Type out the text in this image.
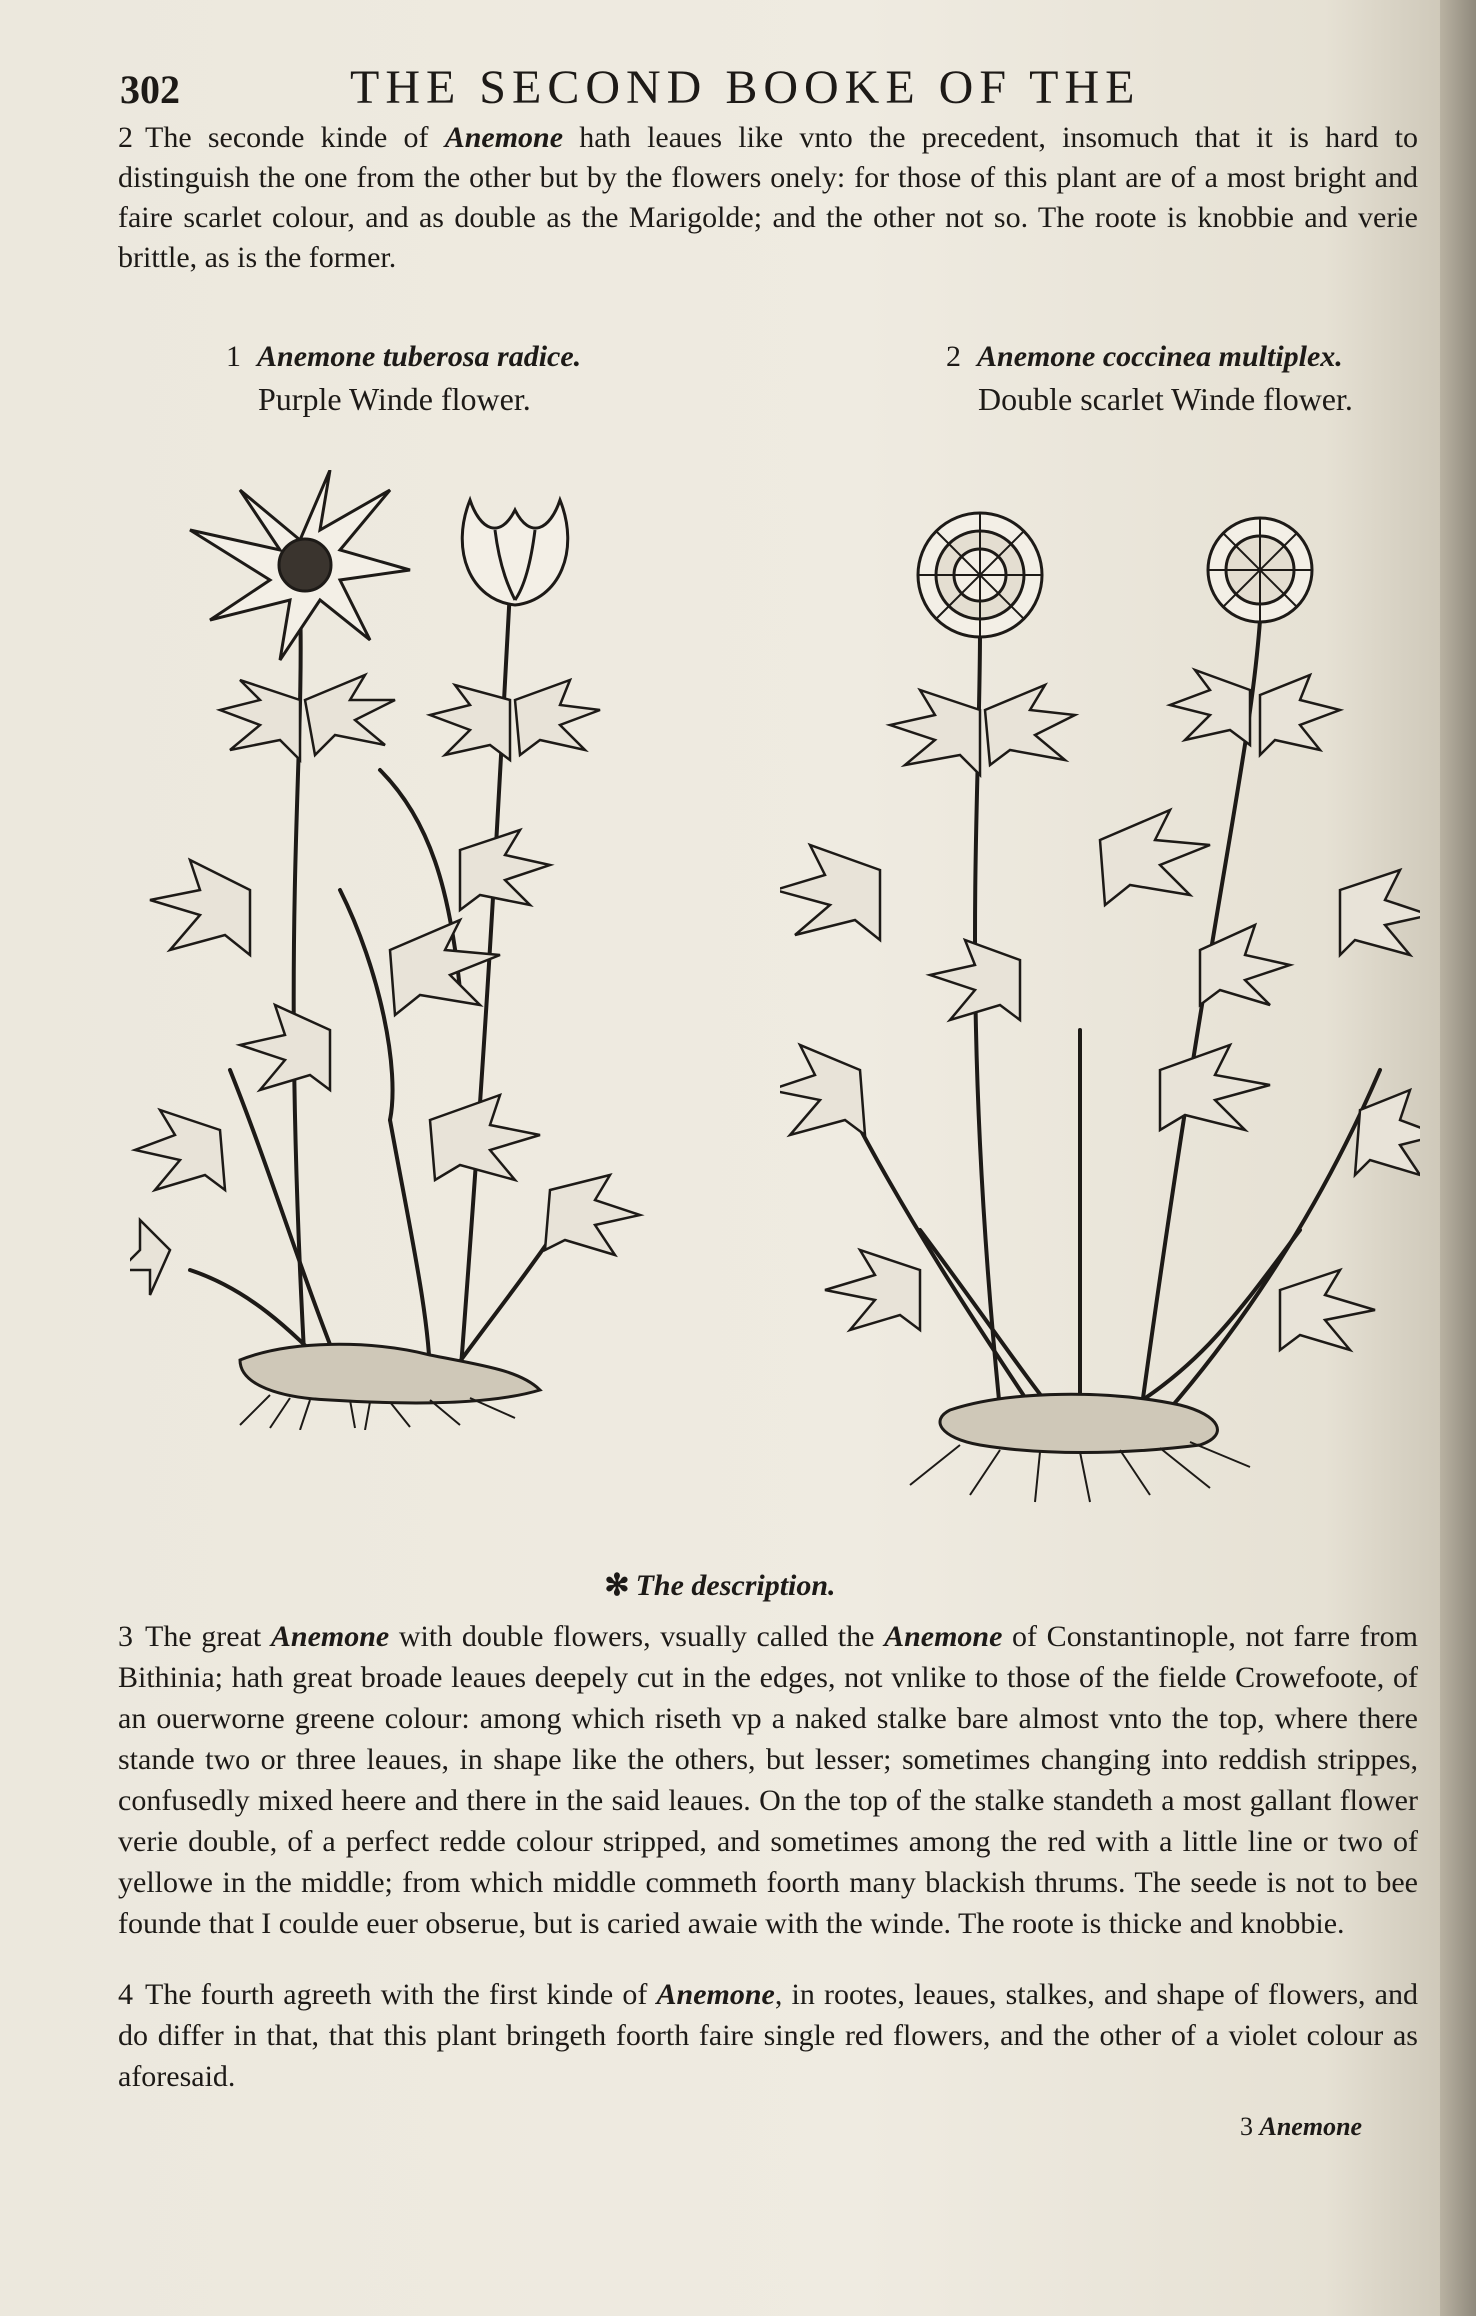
302	THE SECOND BOOKE OF THE

2 The seconde kinde of Anemone hath leaues like vnto the precedent, insomuch that it is hard to distinguish the one from the other but by the flowers onely: for those of this plant are of a most bright and faire scarlet colour, and as double as the Marigolde; and the other not so. The roote is knobbie and verie brittle, as is the former.

1 Anemone tuberosa radice.
Purple Winde flower.
2 Anemone coccinea multiplex.
Double scarlet Winde flower.
✻ The description.

3 The great Anemone with double flowers, vsually called the Anemone of Constantinople, not farre from Bithinia; hath great broade leaues deepely cut in the edges, not vnlike to those of the fielde Crowefoote, of an ouerworne greene colour: among which riseth vp a naked stalke bare almost vnto the top, where there stande two or three leaues, in shape like the others, but lesser; sometimes changing into reddish strippes, confusedly mixed heere and there in the said leaues. On the top of the stalke standeth a most gallant flower verie double, of a perfect redde colour stripped, and sometimes among the red with a little line or two of yellowe in the middle; from which middle commeth foorth many blackish thrums. The seede is not to bee founde that I coulde euer obserue, but is caried awaie with the winde. The roote is thicke and knobbie.

4 The fourth agreeth with the first kinde of Anemone, in rootes, leaues, stalkes, and shape of flowers, and do differ in that, that this plant bringeth foorth faire single red flowers, and the other of a violet colour as aforesaid.

3 Anemone
